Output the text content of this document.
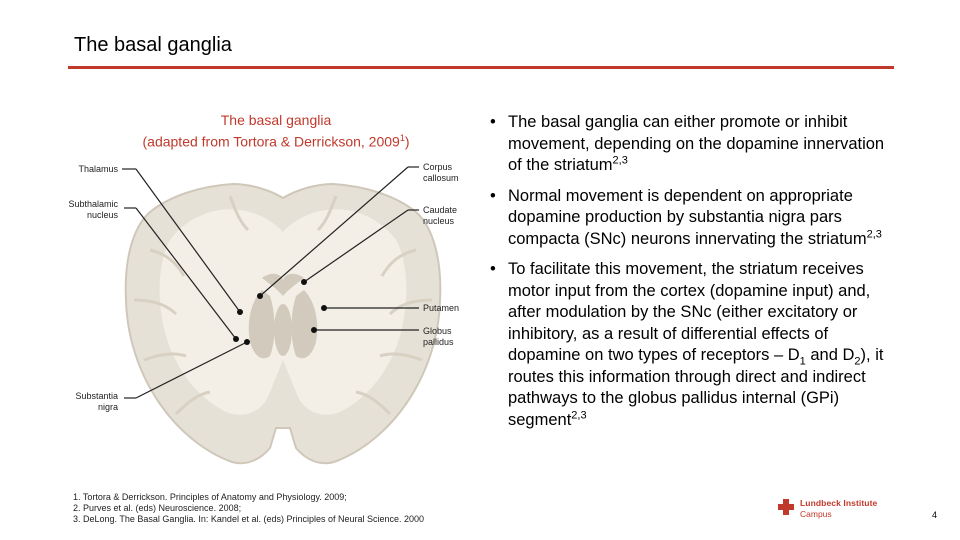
The basal ganglia
The basal ganglia
(adapted from Tortora & Derrickson, 2009$^1$)
Thalamus
Subthalamic
nucleus
Substantia
nigra
Corpus
callosum
Caudate
nucleus
Putamen
Globus
pallidus
• The basal ganglia can either promote or inhibit movement, depending on the dopamine innervation of the striatum$^{2,3}$
• Normal movement is dependent on appropriate dopamine production by substantia nigra pars compacta (SNc) neurons innervating the striatum$^{2,3}$
• To facilitate this movement, the striatum receives motor input from the cortex (dopamine input) and, after modulation by the SNc (either excitatory or inhibitory, as a result of differential effects of dopamine on two types of receptors – $D_1$ and $D_2$), it routes this information through direct and indirect pathways to the globus pallidus internal (GPi) segment$^{2,3}$
1. Tortora & Derrickson. Principles of Anatomy and Physiology. 2009;
2. Purves et al. (eds) Neuroscience. 2008;
3. DeLong. The Basal Ganglia. In: Kandel et al. (eds) Principles of Neural Science. 2000
Lundbeck Institute
Campus	4
